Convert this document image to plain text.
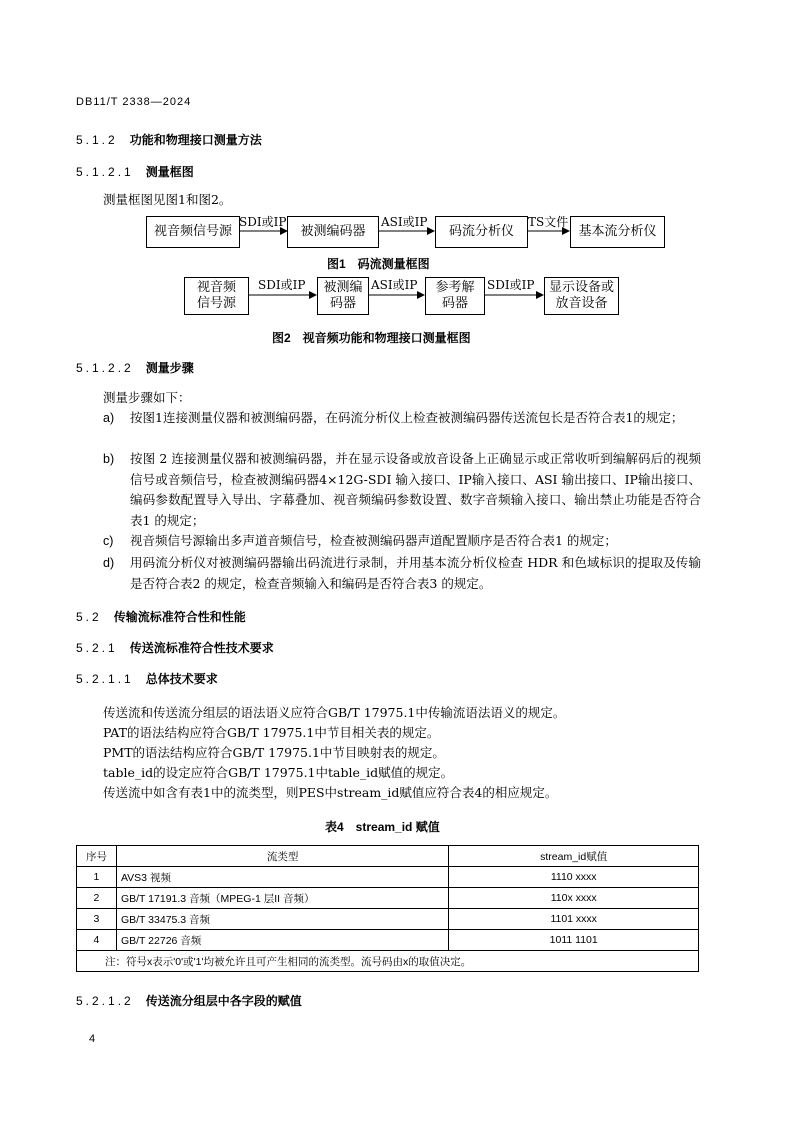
DB11/T 2338—2024
5.1.2 功能和物理接口测量方法
5.1.2.1 测量框图
测量框图见图1和图2。
视音频信号源	被测编码器	码流分析仪	基本流分析仪
SDI或IP	ASI或IP	TS文件
图1　码流测量框图
视音频
信号源
被测编
码器
参考解
码器
显示设备或
放音设备
SDI或IP	ASI或IP	SDI或IP
图2　视音频功能和物理接口测量框图
5.1.2.2 测量步骤
测量步骤如下：
a) 按图1连接测量仪器和被测编码器，在码流分析仪上检查被测编码器传送流包长是否符合表1的规定；
b) 按图 2 连接测量仪器和被测编码器，并在显示设备或放音设备上正确显示或正常收听到编解码后的视频信号或音频信号，检查被测编码器4×12G-SDI 输入接口、IP输入接口、ASI 输出接口、IP输出接口、编码参数配置导入导出、字幕叠加、视音频编码参数设置、数字音频输入接口、输出禁止功能是否符合表1 的规定；
c) 视音频信号源输出多声道音频信号，检查被测编码器声道配置顺序是否符合表1 的规定；
d) 用码流分析仪对被测编码器输出码流进行录制，并用基本流分析仪检查 HDR 和色域标识的提取及传输是否符合表2 的规定，检查音频输入和编码是否符合表3 的规定。
5.2 传输流标准符合性和性能
5.2.1 传送流标准符合性技术要求
5.2.1.1 总体技术要求
传送流和传送流分组层的语法语义应符合GB/T 17975.1中传输流语法语义的规定。
PAT的语法结构应符合GB/T 17975.1中节目相关表的规定。
PMT的语法结构应符合GB/T 17975.1中节目映射表的规定。
table_id的设定应符合GB/T 17975.1中table_id赋值的规定。
传送流中如含有表1中的流类型，则PES中stream_id赋值应符合表4的相应规定。
表4　stream_id 赋值
序号	流类型	stream_id赋值
1	AVS3 视频	1110 xxxx
2	GB/T 17191.3 音频（MPEG-1 层II 音频）	110x xxxx
3	GB/T 33475.3 音频	1101 xxxx
4	GB/T 22726 音频	1011 1101
注：符号x表示'0'或'1'均被允许且可产生相同的流类型。流号码由x的取值决定。		
5.2.1.2 传送流分组层中各字段的赋值
4
